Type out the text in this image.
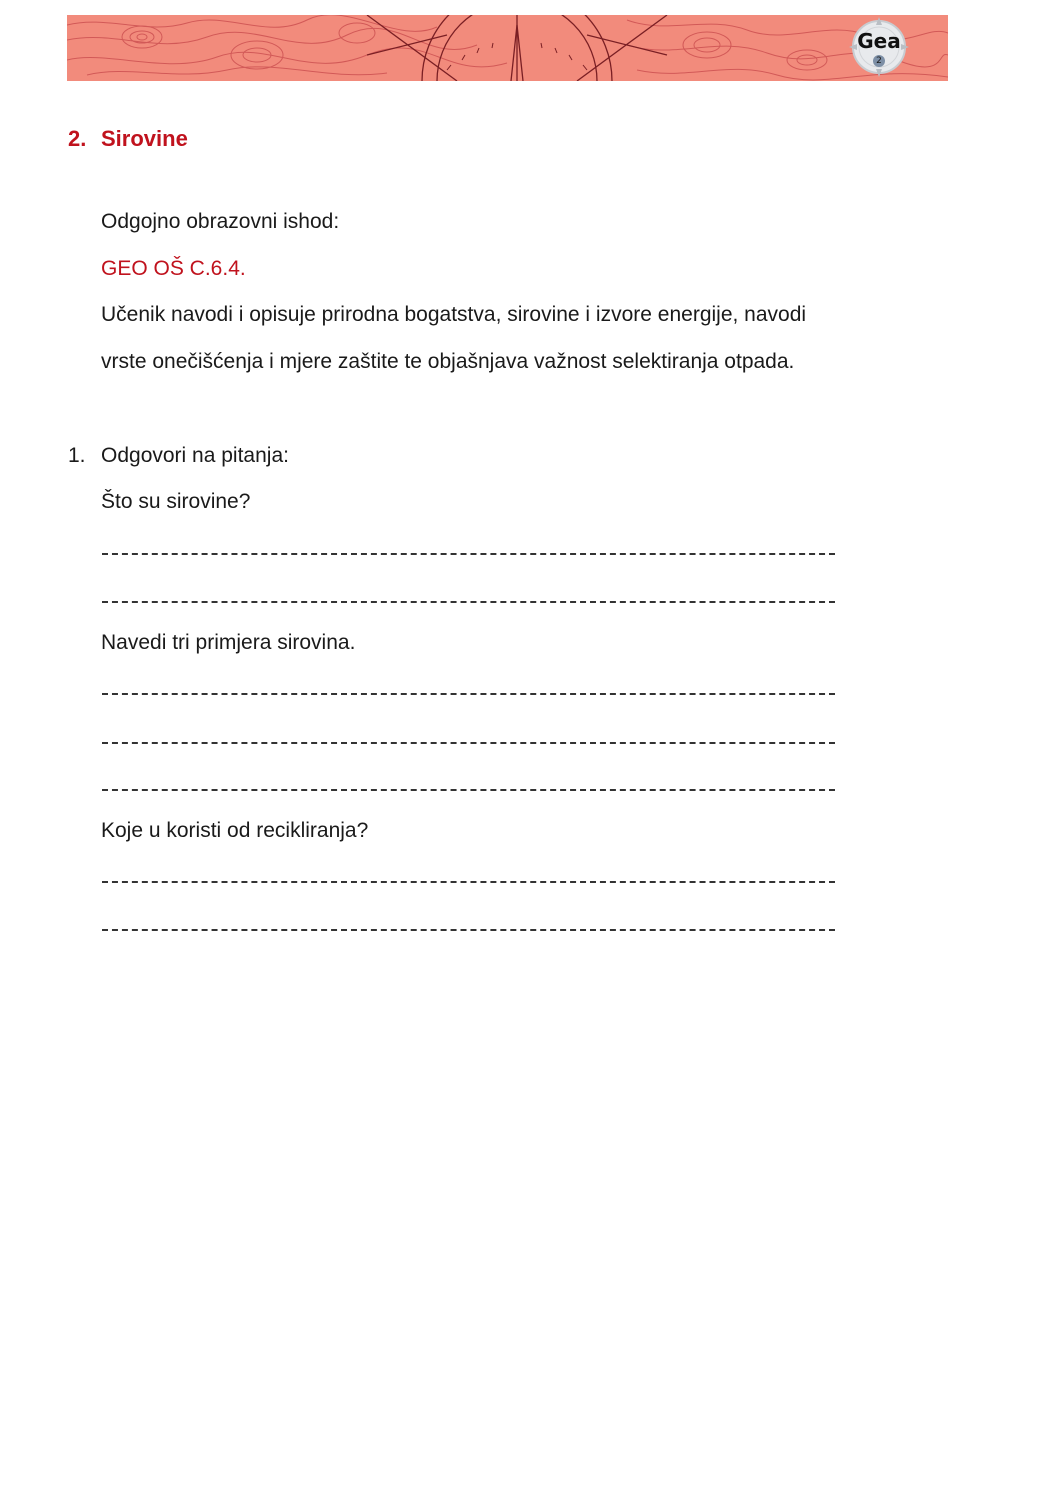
Gea
2
2. Sirovine
Odgojno obrazovni ishod:
GEO OŠ C.6.4.
Učenik navodi i opisuje prirodna bogatstva, sirovine i izvore energije, navodi
vrste onečišćenja i mjere zaštite te objašnjava važnost selektiranja otpada.
1. Odgovori na pitanja:
Što su sirovine?
Navedi tri primjera sirovina.
Koje u koristi od recikliranja?
